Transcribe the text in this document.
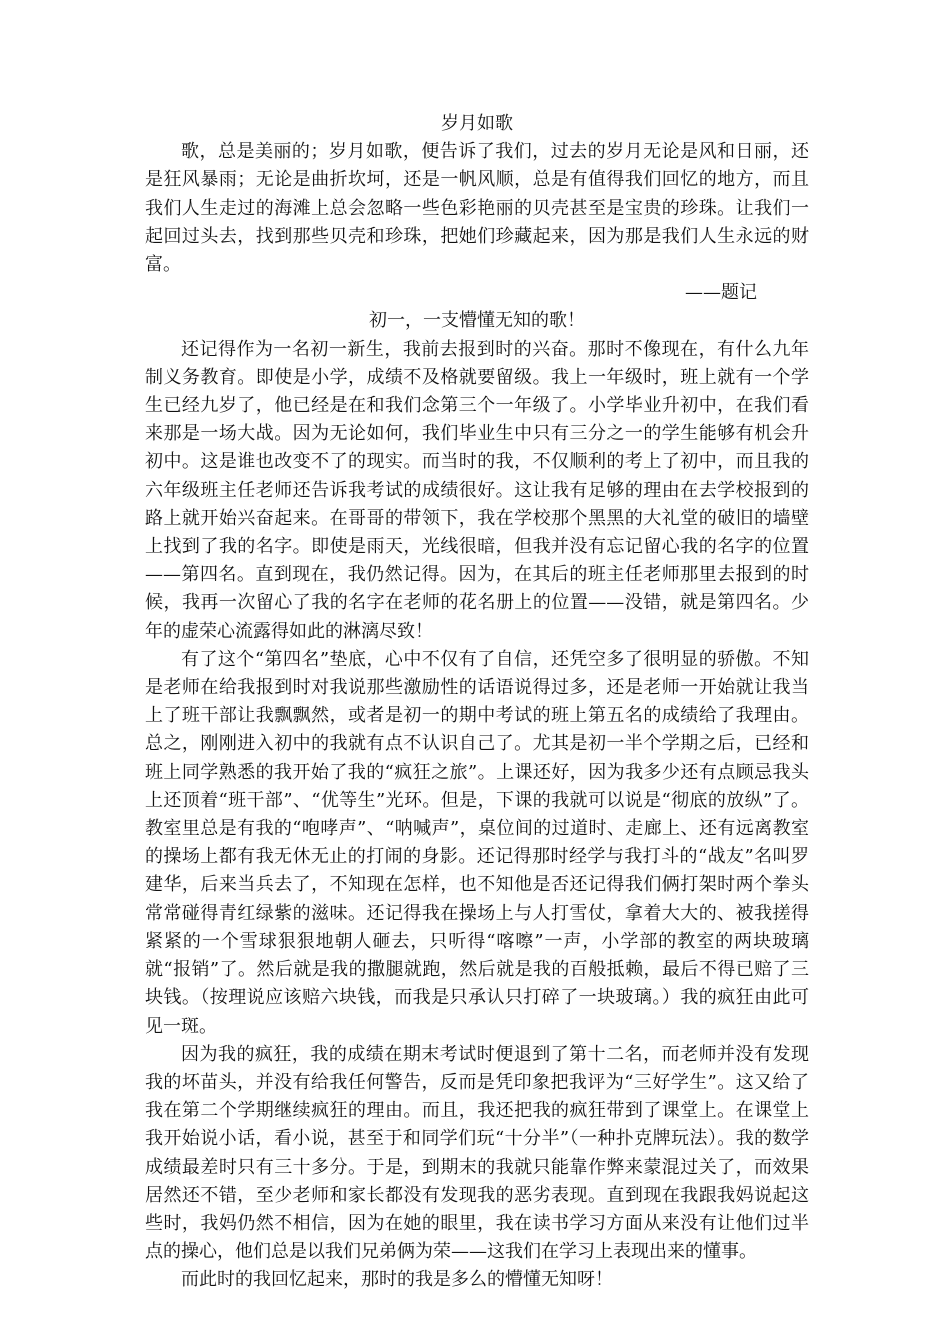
岁月如歌

歌，总是美丽的；岁月如歌，便告诉了我们，过去的岁月无论是风和日丽，还是狂风暴雨；无论是曲折坎坷，还是一帆风顺，总是有值得我们回忆的地方，而且我们人生走过的海滩上总会忽略一些色彩艳丽的贝壳甚至是宝贵的珍珠。让我们一起回过头去，找到那些贝壳和珍珠，把她们珍藏起来，因为那是我们人生永远的财富。

——题记

初一，一支懵懂无知的歌！

还记得作为一名初一新生，我前去报到时的兴奋。那时不像现在，有什么九年制义务教育。即使是小学，成绩不及格就要留级。我上一年级时，班上就有一个学生已经九岁了，他已经是在和我们念第三个一年级了。小学毕业升初中，在我们看来那是一场大战。因为无论如何，我们毕业生中只有三分之一的学生能够有机会升初中。这是谁也改变不了的现实。而当时的我，不仅顺利的考上了初中，而且我的六年级班主任老师还告诉我考试的成绩很好。这让我有足够的理由在去学校报到的路上就开始兴奋起来。在哥哥的带领下，我在学校那个黑黑的大礼堂的破旧的墙壁上找到了我的名字。即使是雨天，光线很暗，但我并没有忘记留心我的名字的位置——第四名。直到现在，我仍然记得。因为，在其后的班主任老师那里去报到的时候，我再一次留心了我的名字在老师的花名册上的位置——没错，就是第四名。少年的虚荣心流露得如此的淋漓尽致！

有了这个“第四名”垫底，心中不仅有了自信，还凭空多了很明显的骄傲。不知是老师在给我报到时对我说那些激励性的话语说得过多，还是老师一开始就让我当上了班干部让我飘飘然，或者是初一的期中考试的班上第五名的成绩给了我理由。总之，刚刚进入初中的我就有点不认识自己了。尤其是初一半个学期之后，已经和班上同学熟悉的我开始了我的“疯狂之旅”。上课还好，因为我多少还有点顾忌我头上还顶着“班干部”、“优等生”光环。但是，下课的我就可以说是“彻底的放纵”了。教室里总是有我的“咆哮声”、“呐喊声”，桌位间的过道时、走廊上、还有远离教室的操场上都有我无休无止的打闹的身影。还记得那时经学与我打斗的“战友”名叫罗建华，后来当兵去了，不知现在怎样，也不知他是否还记得我们俩打架时两个拳头常常碰得青红绿紫的滋味。还记得我在操场上与人打雪仗，拿着大大的、被我搓得紧紧的一个雪球狠狠地朝人砸去，只听得“喀嚓”一声，小学部的教室的两块玻璃就“报销”了。然后就是我的撒腿就跑，然后就是我的百般抵赖，最后不得已赔了三块钱。（按理说应该赔六块钱，而我是只承认只打碎了一块玻璃。）我的疯狂由此可见一斑。

因为我的疯狂，我的成绩在期末考试时便退到了第十二名，而老师并没有发现我的坏苗头，并没有给我任何警告，反而是凭印象把我评为“三好学生”。这又给了我在第二个学期继续疯狂的理由。而且，我还把我的疯狂带到了课堂上。在课堂上我开始说小话，看小说，甚至于和同学们玩“十分半”（一种扑克牌玩法）。我的数学成绩最差时只有三十多分。于是，到期末的我就只能靠作弊来蒙混过关了，而效果居然还不错，至少老师和家长都没有发现我的恶劣表现。直到现在我跟我妈说起这些时，我妈仍然不相信，因为在她的眼里，我在读书学习方面从来没有让他们过半点的操心，他们总是以我们兄弟俩为荣——这我们在学习上表现出来的懂事。

而此时的我回忆起来，那时的我是多么的懵懂无知呀！
